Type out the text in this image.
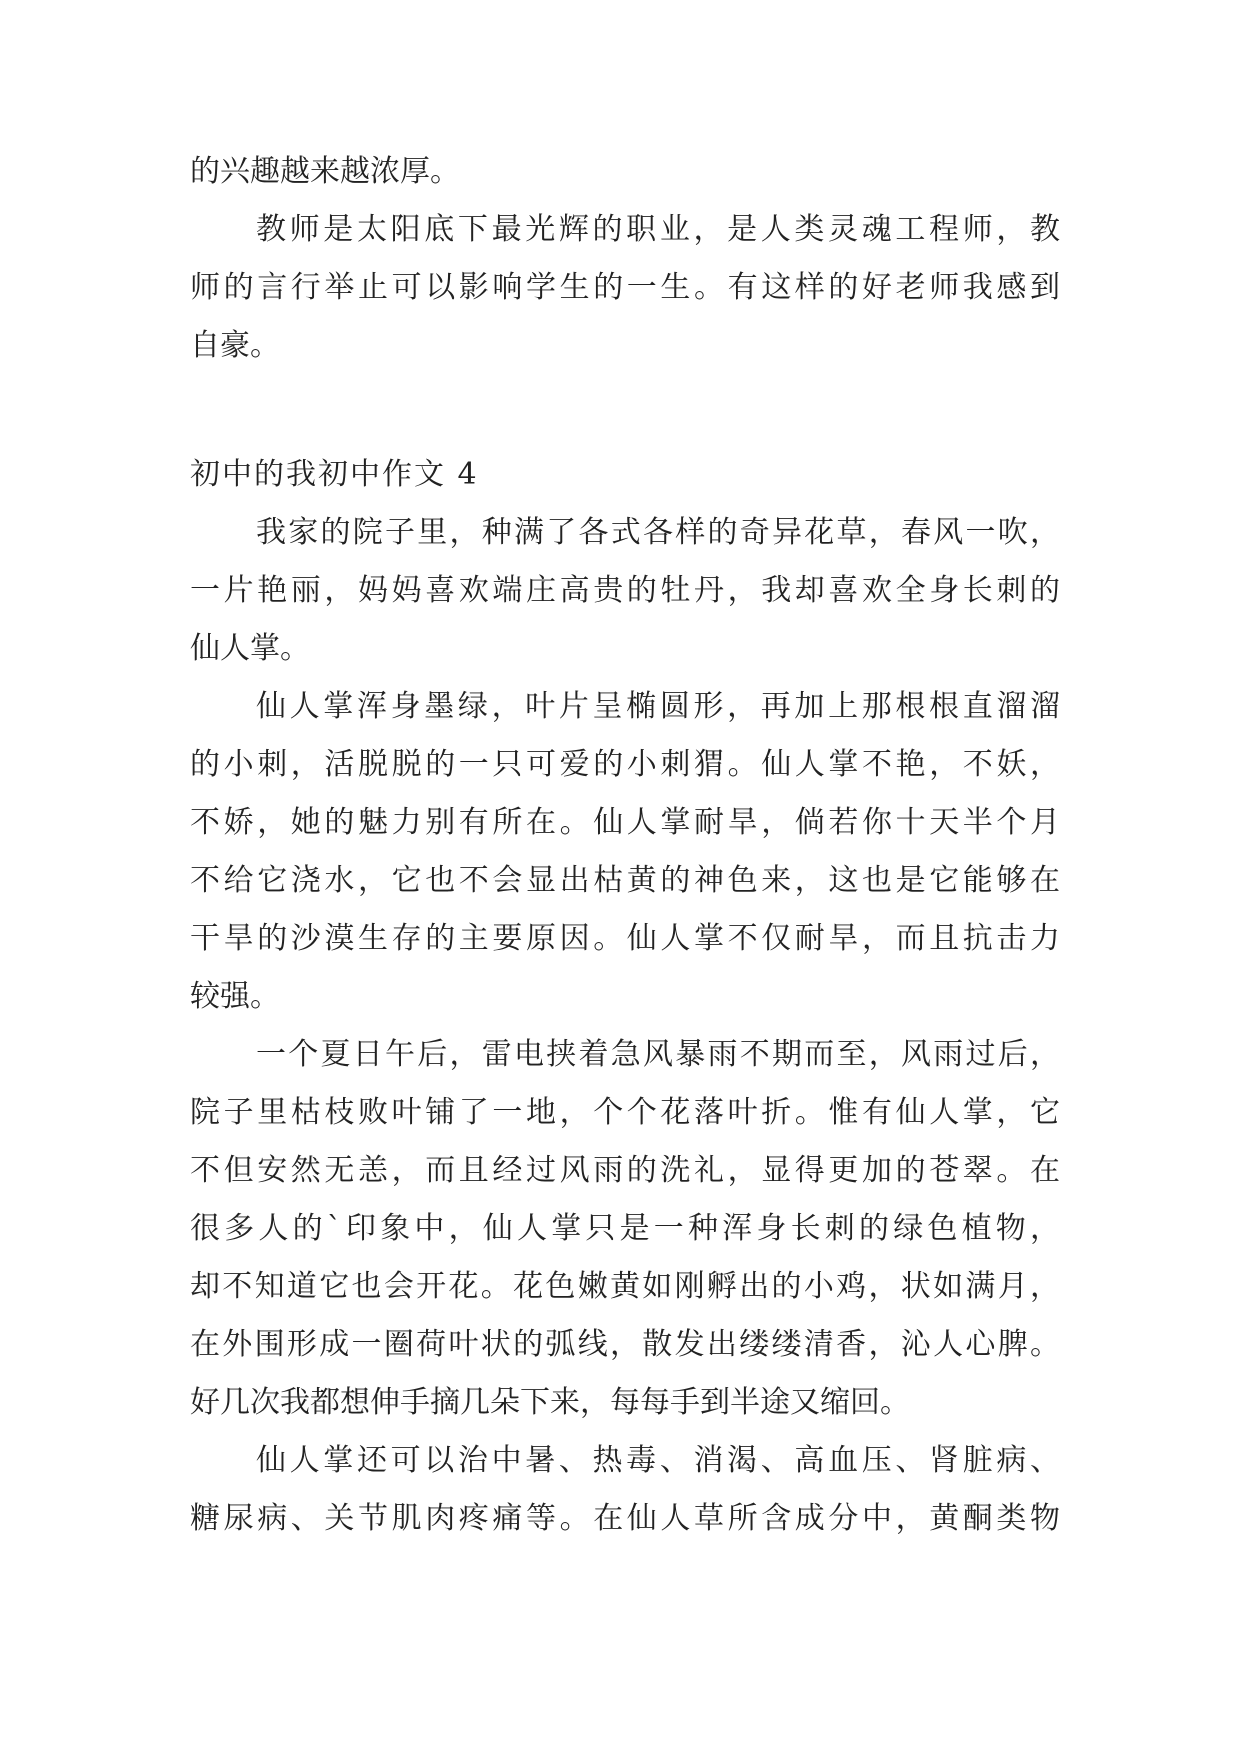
的兴趣越来越浓厚。
教师是太阳底下最光辉的职业，是人类灵魂工程师，教
师的言行举止可以影响学生的一生。有这样的好老师我感到
自豪。
初中的我初中作文 4
我家的院子里，种满了各式各样的奇异花草，春风一吹，
一片艳丽，妈妈喜欢端庄高贵的牡丹，我却喜欢全身长刺的
仙人掌。
仙人掌浑身墨绿，叶片呈椭圆形，再加上那根根直溜溜
的小刺，活脱脱的一只可爱的小刺猬。仙人掌不艳，不妖，
不娇，她的魅力别有所在。仙人掌耐旱，倘若你十天半个月
不给它浇水，它也不会显出枯黄的神色来，这也是它能够在
干旱的沙漠生存的主要原因。仙人掌不仅耐旱，而且抗击力
较强。
一个夏日午后，雷电挟着急风暴雨不期而至，风雨过后，
院子里枯枝败叶铺了一地，个个花落叶折。惟有仙人掌，它
不但安然无恙，而且经过风雨的洗礼，显得更加的苍翠。在
很多人的`印象中，仙人掌只是一种浑身长刺的绿色植物，
却不知道它也会开花。花色嫩黄如刚孵出的小鸡，状如满月，
在外围形成一圈荷叶状的弧线，散发出缕缕清香，沁人心脾。
好几次我都想伸手摘几朵下来，每每手到半途又缩回。
仙人掌还可以治中暑、热毒、消渴、高血压、肾脏病、
糖尿病、关节肌肉疼痛等。在仙人草所含成分中，黄酮类物
